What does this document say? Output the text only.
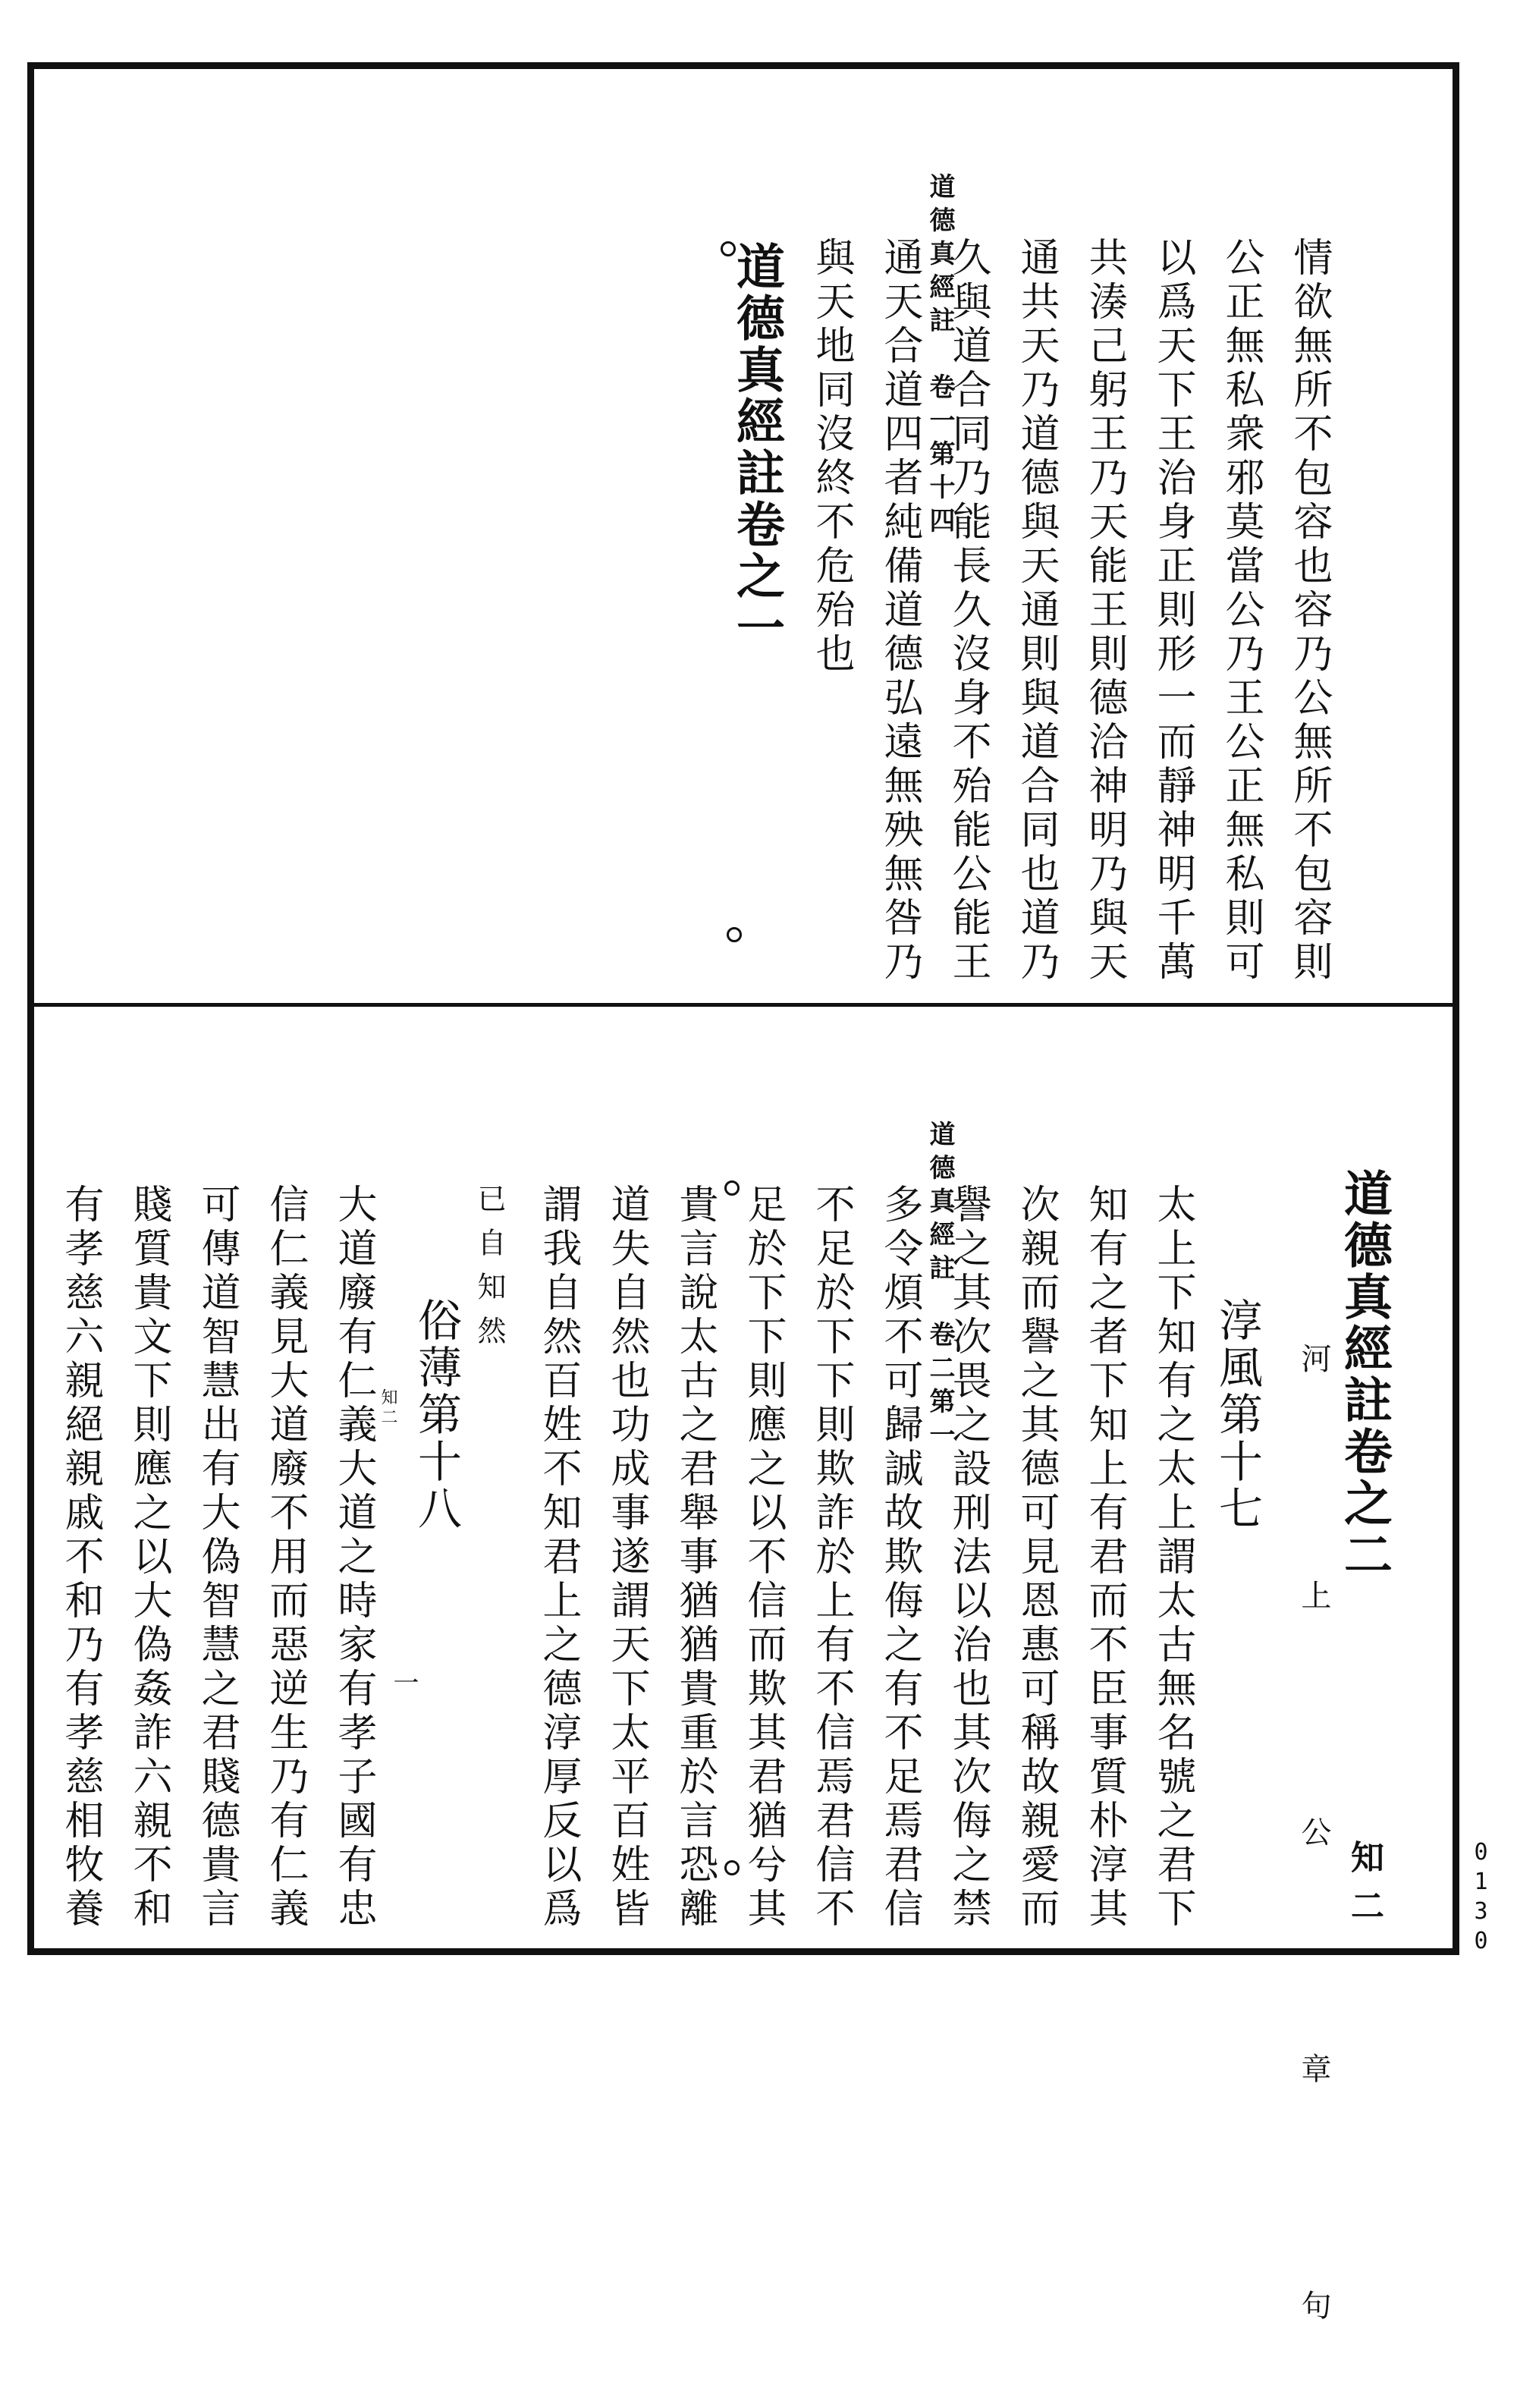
道德真經註　卷一第十四	情欲無所不包容也容乃公無所不包容則
公正無私衆邪莫當公乃王公正無私則可
以爲天下王治身正則形一而靜神明千萬
共湊己躬王乃天能王則德洽神明乃與天
通共天乃道德與天通則與道合同也道乃
久與道合同乃能長久沒身不殆能公能王
通天合道四者純備道德弘遠無殃無咎乃
與天地同沒終不危殆也
道德真經註卷之一
道德真經註　卷二第一	道德真經註卷之二
知二
河　上　公　章　句
淳風第十七
太上下知有之太上謂太古無名號之君下
知有之者下知上有君而不臣事質朴淳其
次親而譽之其德可見恩惠可稱故親愛而
譽之其次畏之設刑法以治也其次侮之禁
多令煩不可歸誠故欺侮之有不足焉君信
不足於下下則欺詐於上有不信焉君信不
足於下下則應之以不信而欺其君猶兮其
貴言說太古之君舉事猶猶貴重於言恐離
道失自然也功成事遂謂天下太平百姓皆
謂我自然百姓不知君上之德淳厚反以爲
已自知然
俗薄第十八
知二
大道廢有仁義大道之時家有孝子國有忠
信仁義見大道廢不用而惡逆生乃有仁義
可傳道智慧出有大偽智慧之君賤德貴言
賤質貴文下則應之以大偽姦詐六親不和
有孝慈六親絕親戚不和乃有孝慈相牧養	一
0130
